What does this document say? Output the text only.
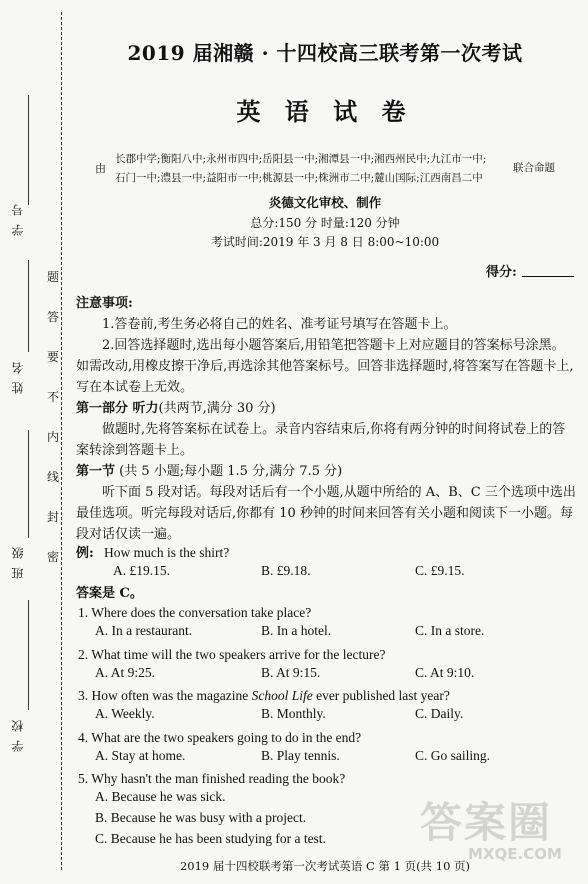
学 号
姓 名
班 级
学 校
题
答
要
不
内
线
封
密
2019 届湘赣 · 十四校高三联考第一次考试
英 语 试 卷
由
长郡中学;衡阳八中;永州市四中;岳阳县一中;湘潭县一中;湘西州民中;九江市一中;
石门一中;澧县一中;益阳市一中;桃源县一中;株洲市二中;麓山国际;江西南昌二中
联合命题
炎德文化审校、制作
总分:150 分 时量:120 分钟
考试时间:2019 年 3 月 8 日 8:00~10:00
得分:
注意事项:
1.答卷前,考生务必将自己的姓名、准考证号填写在答题卡上。
2.回答选择题时,选出每小题答案后,用铅笔把答题卡上对应题目的答案标号涂黑。如需改动,用橡皮擦干净后,再选涂其他答案标号。回答非选择题时,将答案写在答题卡上,写在本试卷上无效。
第一部分 听力(共两节,满分 30 分)
做题时,先将答案标在试卷上。录音内容结束后,你将有两分钟的时间将试卷上的答案转涂到答题卡上。
第一节 (共 5 小题;每小题 1.5 分,满分 7.5 分)
听下面 5 段对话。每段对话后有一个小题,从题中所给的 A、B、C 三个选项中选出最佳选项。听完每段对话后,你都有 10 秒钟的时间来回答有关小题和阅读下一小题。每段对话仅读一遍。
例: How much is the shirt?
A. £19.15.	B. £9.18.	C. £9.15.
答案是 C。
1. Where does the conversation take place?
A. In a restaurant.	B. In a hotel.	C. In a store.
2. What time will the two speakers arrive for the lecture?
A. At 9:25.	B. At 9:15.	C. At 9:10.
3. How often was the magazine School Life ever published last year?
A. Weekly.	B. Monthly.	C. Daily.
4. What are the two speakers going to do in the end?
A. Stay at home.	B. Play tennis.	C. Go sailing.
5. Why hasn't the man finished reading the book?
A. Because he was sick.
B. Because he was busy with a project.
C. Because he has been studying for a test. 答案圈
MXQE.COM
2019 届十四校联考第一次考试英语 C 第 1 页(共 10 页)
